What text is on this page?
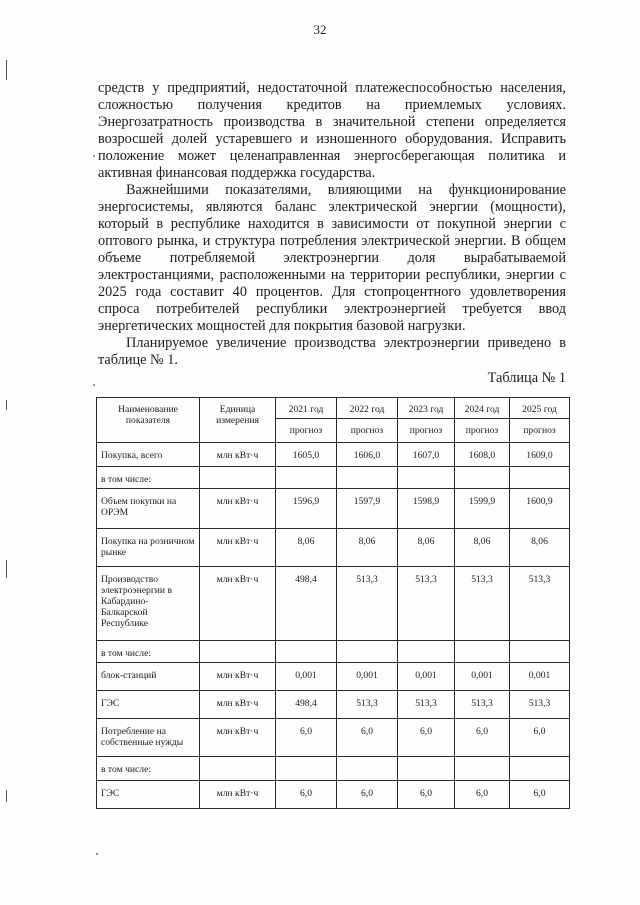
32

средств у предприятий, недостаточной платежеспособностью населения, сложностью получения кредитов на приемлемых условиях. Энергозатратность производства в значительной степени определяется возросшей долей устаревшего и изношенного оборудования. Исправить положение может целенаправленная энергосберегающая политика и активная финансовая поддержка государства.

Важнейшими показателями, влияющими на функционирование энергосистемы, являются баланс электрической энергии (мощности), который в республике находится в зависимости от покупной энергии с оптового рынка, и структура потребления электрической энергии. В общем объеме потребляемой электроэнергии доля вырабатываемой электростанциями, расположенными на территории республики, энергии с 2025 года составит 40 процентов. Для стопроцентного удовлетворения спроса потребителей республики электроэнергией требуется ввод энергетических мощностей для покрытия базовой нагрузки.

Планируемое увеличение производства электроэнергии приведено в таблице № 1.

Таблица № 1
Наименование показателя	Единица измерения	2021 год	2022 год	2023 год	2024 год	2025 год
		прогноз	прогноз	прогноз	прогноз	прогноз
Покупка, всего	млн кВт·ч	1605,0	1606,0	1607,0	1608,0	1609,0
в том числе:						
Объем покупки на ОРЭМ	млн кВт·ч	1596,9	1597,9	1598,9	1599,9	1600,9
Покупка на розничном рынке	млн кВт·ч	8,06	8,06	8,06	8,06	8,06
Производство электроэнергии в Кабардино-Балкарской Республике	млн кВт·ч	498,4	513,3	513,3	513,3	513,3
в том числе:						
блок-станций	млн кВт·ч	0,001	0,001	0,001	0,001	0,001
ГЭС	млн кВт·ч	498,4	513,3	513,3	513,3	513,3
Потребление на собственные нужды	млн кВт·ч	6,0	6,0	6,0	6,0	6,0
в том числе:						
ГЭС	млн кВт·ч	6,0	6,0	6,0	6,0	6,0
